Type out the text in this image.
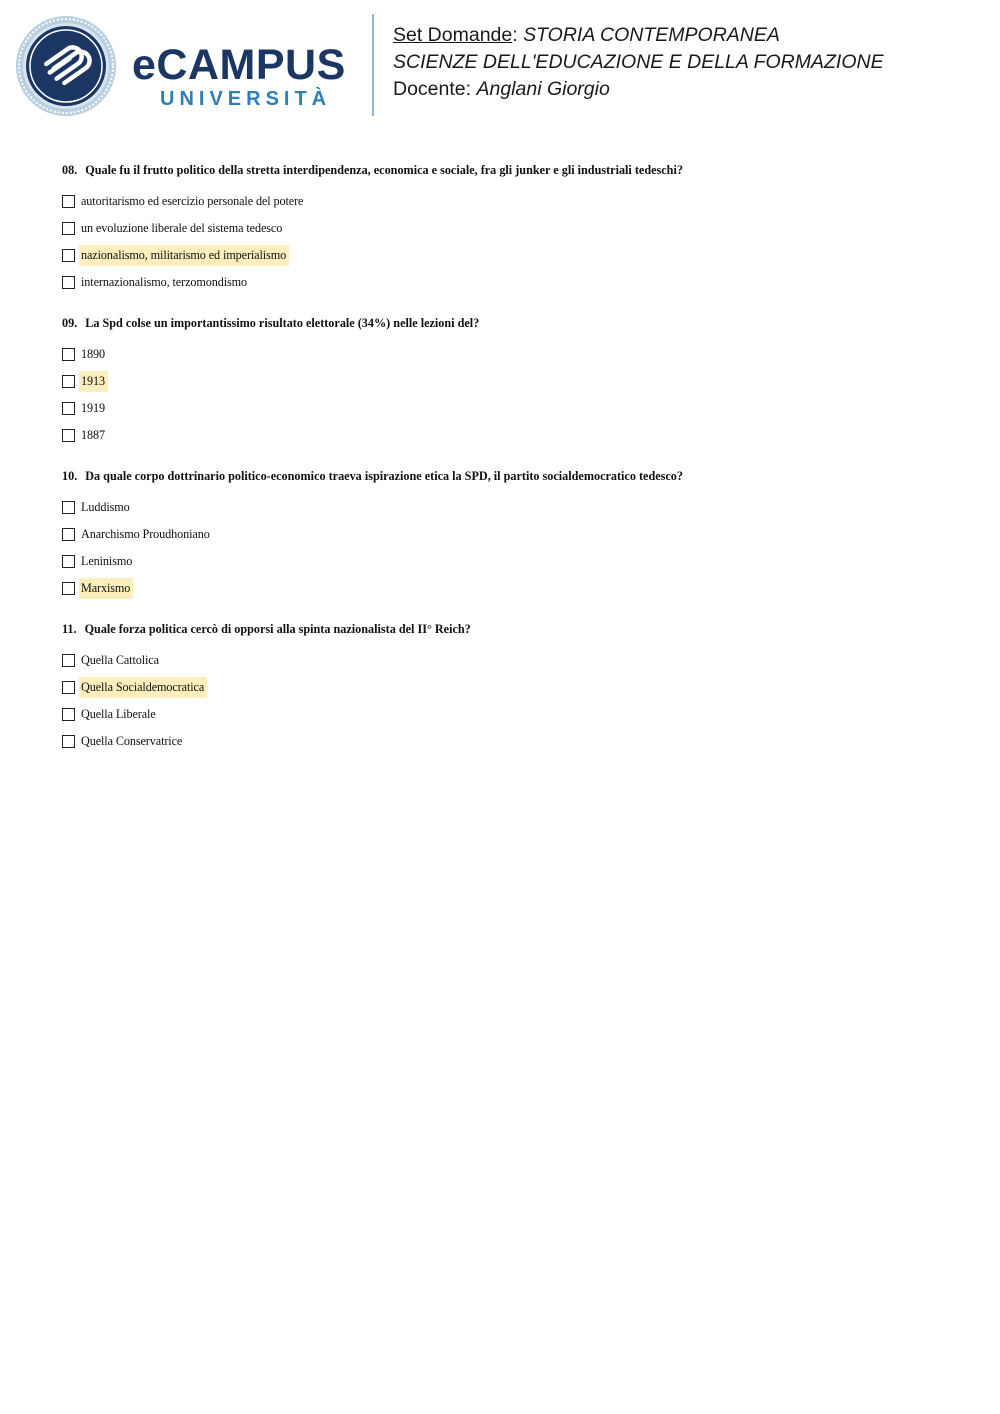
eCAMPUS
UNIVERSITÀ
Set Domande: STORIA CONTEMPORANEA
SCIENZE DELL'EDUCAZIONE E DELLA FORMAZIONE
Docente: Anglani Giorgio
08. Quale fu il frutto politico della stretta interdipendenza, economica e sociale, fra gli junker e gli industriali tedeschi?
autoritarismo ed esercizio personale del potere
un evoluzione liberale del sistema tedesco
nazionalismo, militarismo ed imperialismo
internazionalismo, terzomondismo
09. La Spd colse un importantissimo risultato elettorale (34%) nelle lezioni del?
1890
1913
1919
1887
10. Da quale corpo dottrinario politico-economico traeva ispirazione etica la SPD, il partito socialdemocratico tedesco?
Luddismo
Anarchismo Proudhoniano
Leninismo
Marxismo
11. Quale forza politica cercò di opporsi alla spinta nazionalista del II° Reich?
Quella Cattolica
Quella Socialdemocratica
Quella Liberale
Quella Conservatrice
